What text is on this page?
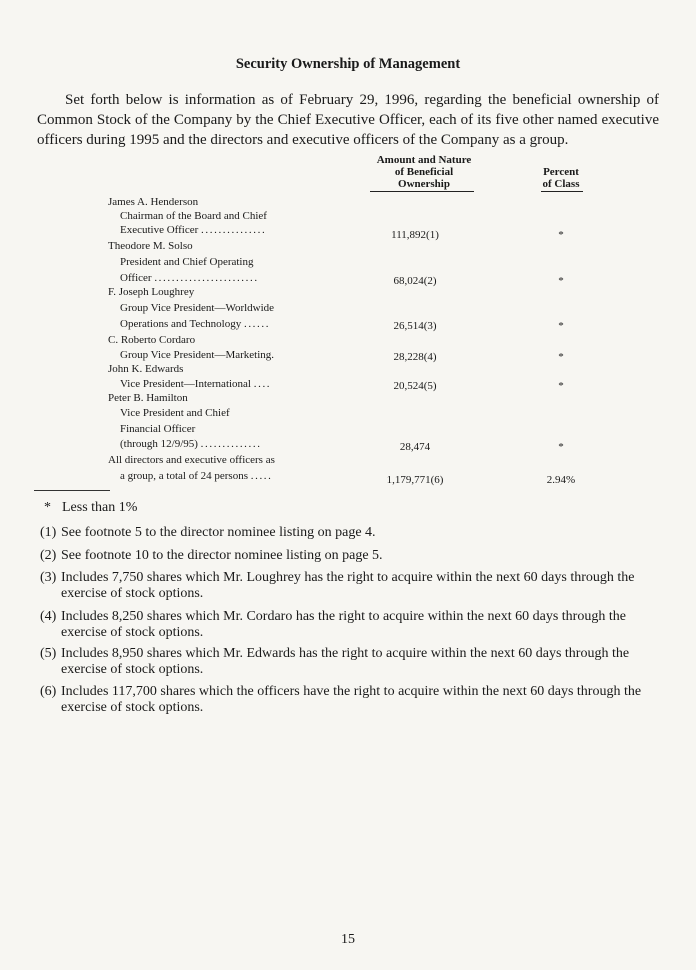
Security Ownership of Management
Set forth below is information as of February 29, 1996, regarding the beneficial ownership of Common Stock of the Company by the Chief Executive Officer, each of its five other named executive officers during 1995 and the directors and executive officers of the Company as a group.
Amount and Nature
of Beneficial
Ownership
Percent
of Class
James A. Henderson
Chairman of the Board and Chief
Executive Officer ...............	111,892(1)	*
Theodore M. Solso
President and Chief Operating
Officer ........................	68,024(2)	*
F. Joseph Loughrey
Group Vice President—Worldwide
Operations and Technology ......	26,514(3)	*
C. Roberto Cordaro
Group Vice President—Marketing.	28,228(4)	*
John K. Edwards
Vice President—International ....	20,524(5)	*
Peter B. Hamilton
Vice President and Chief
Financial Officer
(through 12/9/95) ..............	28,474	*
All directors and executive officers as
a group, a total of 24 persons .....	1,179,771(6)	2.94%
* Less than 1%
(1) See footnote 5 to the director nominee listing on page 4.
(2) See footnote 10 to the director nominee listing on page 5.
(3) Includes 7,750 shares which Mr. Loughrey has the right to acquire within the next 60 days through the exercise of stock options.
(4) Includes 8,250 shares which Mr. Cordaro has the right to acquire within the next 60 days through the exercise of stock options.
(5) Includes 8,950 shares which Mr. Edwards has the right to acquire within the next 60 days through the exercise of stock options.
(6) Includes 117,700 shares which the officers have the right to acquire within the next 60 days through the exercise of stock options.
15
